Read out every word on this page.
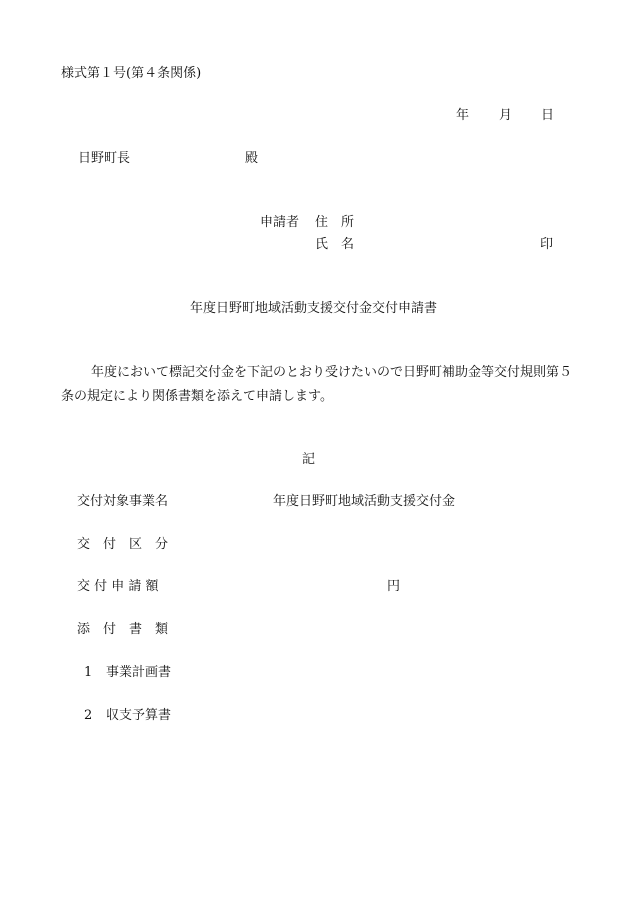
様式第１号(第４条関係)
年 月 日
日野町長	殿
申請者 住　所
氏　名	印
年度日野町地域活動支援交付金交付申請書
年度において標記交付金を下記のとおり受けたいので日野町補助金等交付規則第５条の規定により関係書類を添えて申請します。
記
交付対象事業名	年度日野町地域活動支援交付金
交　付　区　分
交 付 申 請 額	円
添　付　書　類
1 事業計画書
2 収支予算書
